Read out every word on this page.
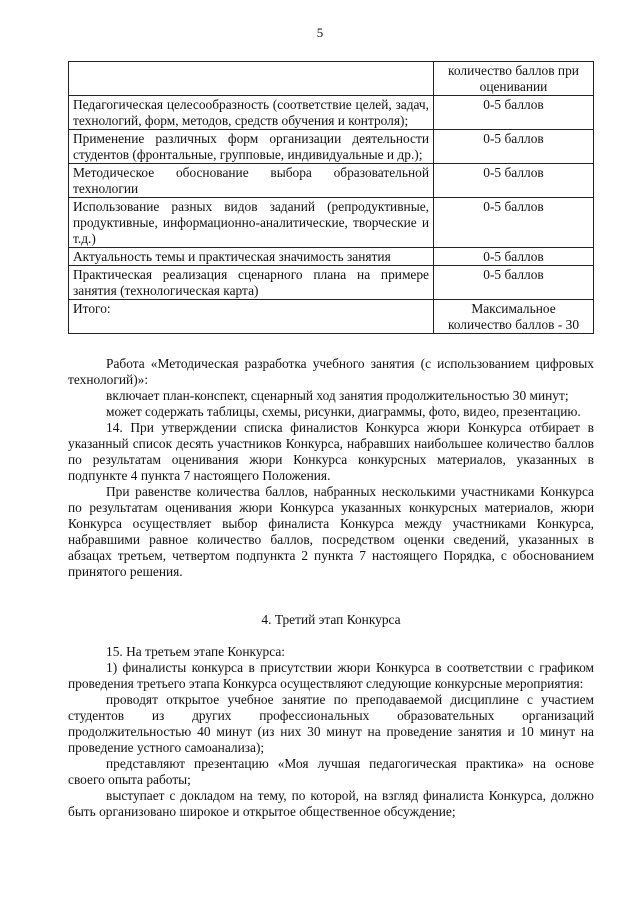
5
	количество баллов при оценивании
Педагогическая целесообразность (соответствие целей, задач, технологий, форм, методов, средств обучения и контроля);	0-5 баллов
Применение различных форм организации деятельности студентов (фронтальные, групповые, индивидуальные и др.);	0-5 баллов
Методическое обоснование выбора образовательной технологии	0-5 баллов
Использование разных видов заданий (репродуктивные, продуктивные, информационно-аналитические, творческие и т.д.)	0-5 баллов
Актуальность темы и практическая значимость занятия	0-5 баллов
Практическая реализация сценарного плана на примере занятия (технологическая карта)	0-5 баллов
Итого:	Максимальное количество баллов - 30

Работа «Методическая разработка учебного занятия (с использованием цифровых технологий)»:

включает план-конспект, сценарный ход занятия продолжительностью 30 минут;

может содержать таблицы, схемы, рисунки, диаграммы, фото, видео, презентацию.

14. При утверждении списка финалистов Конкурса жюри Конкурса отбирает в указанный список десять участников Конкурса, набравших наибольшее количество баллов по результатам оценивания жюри Конкурса конкурсных материалов, указанных в подпункте 4 пункта 7 настоящего Положения.

При равенстве количества баллов, набранных несколькими участниками Конкурса по результатам оценивания жюри Конкурса указанных конкурсных материалов, жюри Конкурса осуществляет выбор финалиста Конкурса между участниками Конкурса, набравшими равное количество баллов, посредством оценки сведений, указанных в абзацах третьем, четвертом подпункта 2 пункта 7 настоящего Порядка, с обоснованием принятого решения.

4. Третий этап Конкурса

15. На третьем этапе Конкурса:

1) финалисты конкурса в присутствии жюри Конкурса в соответствии с графиком проведения третьего этапа Конкурса осуществляют следующие конкурсные мероприятия:

проводят открытое учебное занятие по преподаваемой дисциплине с участием студентов из других профессиональных образовательных организаций продолжительностью 40 минут (из них 30 минут на проведение занятия и 10 минут на проведение устного самоанализа);

представляют презентацию «Моя лучшая педагогическая практика» на основе своего опыта работы;

выступает с докладом на тему, по которой, на взгляд финалиста Конкурса, должно быть организовано широкое и открытое общественное обсуждение;
